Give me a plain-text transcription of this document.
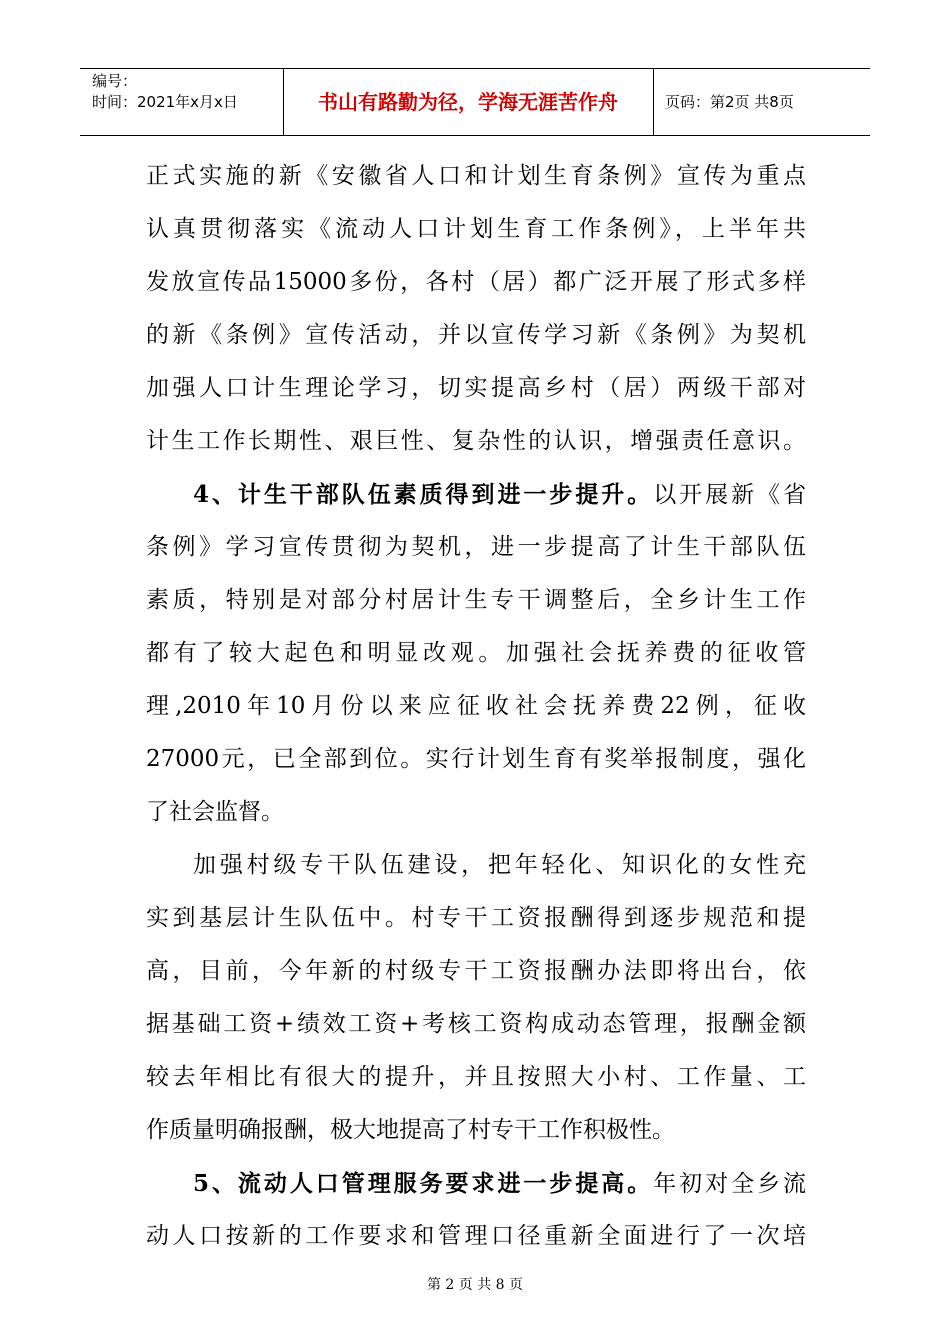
编号：
时间：2021年x月x日	书山有路勤为径，学海无涯苦作舟	页码：第2页 共8页
正式实施的新《安徽省人口和计划生育条例》宣传为重点
认真贯彻落实《流动人口计划生育工作条例》，上半年共
发放宣传品15000多份，各村（居）都广泛开展了形式多样
的新《条例》宣传活动，并以宣传学习新《条例》为契机
加强人口计生理论学习，切实提高乡村（居）两级干部对
计生工作长期性、艰巨性、复杂性的认识，增强责任意识。
4、计生干部队伍素质得到进一步提升。以开展新《省
条例》学习宣传贯彻为契机，进一步提高了计生干部队伍
素质，特别是对部分村居计生专干调整后，全乡计生工作
都有了较大起色和明显改观。加强社会抚养费的征收管
理,2010年10月份以来应征收社会抚养费22例，征收
27000元，已全部到位。实行计划生育有奖举报制度，强化
了社会监督。
加强村级专干队伍建设，把年轻化、知识化的女性充
实到基层计生队伍中。村专干工资报酬得到逐步规范和提
高，目前，今年新的村级专干工资报酬办法即将出台，依
据基础工资+绩效工资+考核工资构成动态管理，报酬金额
较去年相比有很大的提升，并且按照大小村、工作量、工
作质量明确报酬，极大地提高了村专干工作积极性。
5、流动人口管理服务要求进一步提高。年初对全乡流
动人口按新的工作要求和管理口径重新全面进行了一次培
第 2 页 共 8 页
